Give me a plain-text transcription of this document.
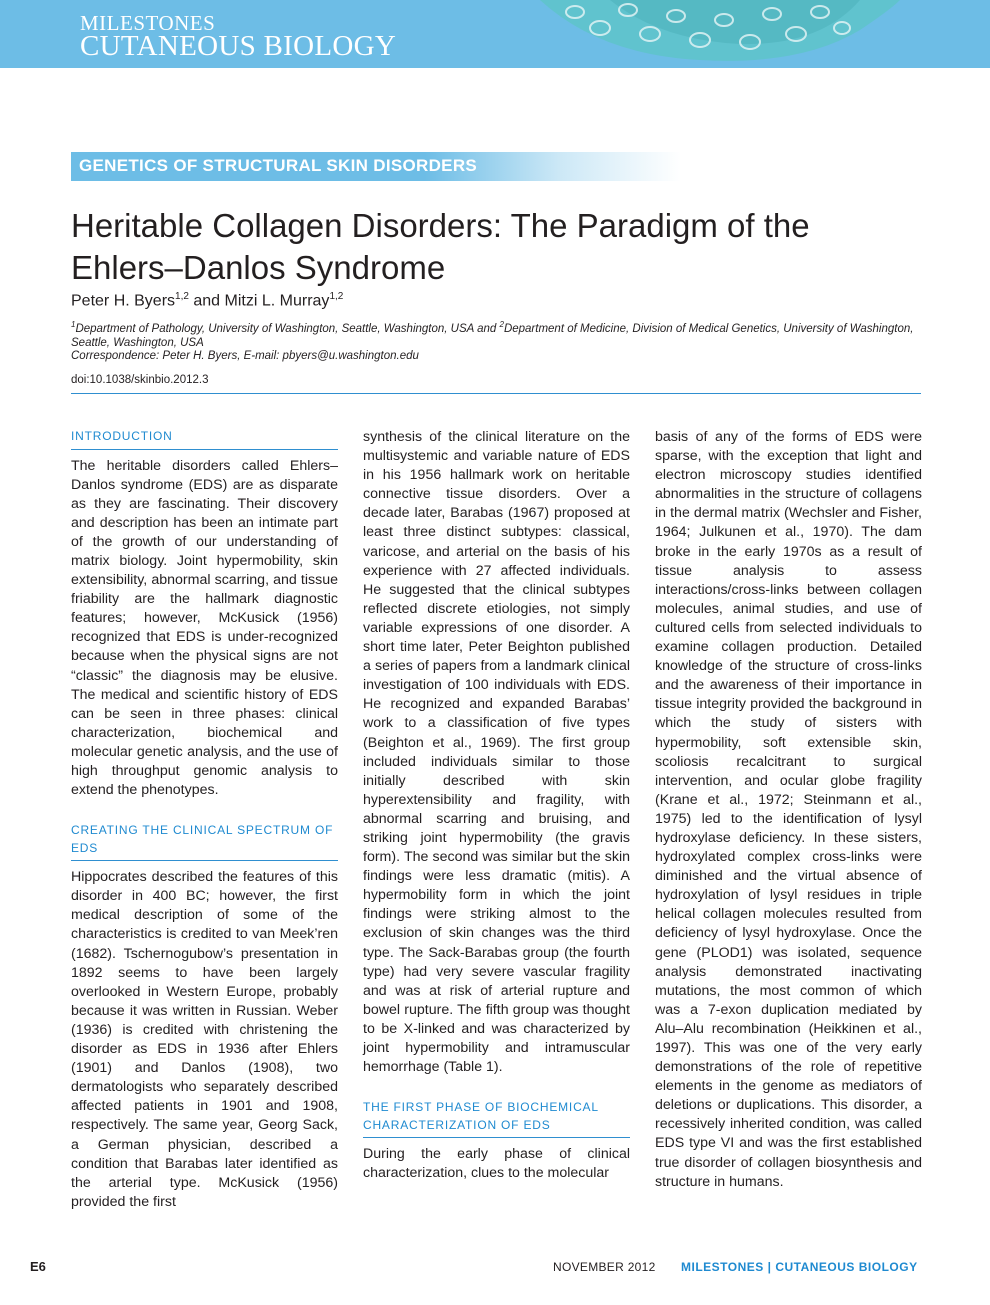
MILESTONES
CUTANEOUS BIOLOGY
GENETICS OF STRUCTURAL SKIN DISORDERS
Heritable Collagen Disorders: The Paradigm of the
Ehlers–Danlos Syndrome
Peter H. Byers$^{1,2}$ and Mitzi L. Murray$^{1,2}$
$^1$Department of Pathology, University of Washington, Seattle, Washington, USA and $^2$Department of Medicine, Division of Medical Genetics, University of Washington, Seattle, Washington, USA
Correspondence: Peter H. Byers, E-mail: pbyers@u.washington.edu
doi:10.1038/skinbio.2012.3
INTRODUCTION

The heritable disorders called Ehlers–Danlos syndrome (EDS) are as disparate as they are fascinating. Their discovery and description has been an intimate part of the growth of our understanding of matrix biology. Joint hypermobility, skin extensibility, abnormal scarring, and tissue friability are the hallmark diagnostic features; however, McKusick (1956) recognized that EDS is under-recognized because when the physical signs are not “classic” the diagnosis may be elusive. The medical and scientific history of EDS can be seen in three phases: clinical characterization, biochemical and molecular genetic analysis, and the use of high throughput genomic analysis to extend the phenotypes.

CREATING THE CLINICAL SPECTRUM OF EDS

Hippocrates described the features of this disorder in 400 BC; however, the first medical description of some of the characteristics is credited to van Meek’ren (1682). Tschernogubow’s presentation in 1892 seems to have been largely overlooked in Western Europe, probably because it was written in Russian. Weber (1936) is credited with christening the disorder as EDS in 1936 after Ehlers (1901) and Danlos (1908), two dermatologists who separately described affected patients in 1901 and 1908, respectively. The same year, Georg Sack, a German physician, described a condition that Barabas later identified as the arterial type. McKusick (1956) provided the first

synthesis of the clinical literature on the multisystemic and variable nature of EDS in his 1956 hallmark work on heritable connective tissue disorders. Over a decade later, Barabas (1967) proposed at least three distinct subtypes: classical, varicose, and arterial on the basis of his experience with 27 affected individuals. He suggested that the clinical subtypes reflected discrete etiologies, not simply variable expressions of one disorder. A short time later, Peter Beighton published a series of papers from a landmark clinical investigation of 100 individuals with EDS. He recognized and expanded Barabas’ work to a classification of five types (Beighton et al., 1969). The first group included individuals similar to those initially described with skin hyperextensibility and fragility, with abnormal scarring and bruising, and striking joint hypermobility (the gravis form). The second was similar but the skin findings were less dramatic (mitis). A hypermobility form in which the joint findings were striking almost to the exclusion of skin changes was the third type. The Sack-Barabas group (the fourth type) had very severe vascular fragility and was at risk of arterial rupture and bowel rupture. The fifth group was thought to be X-linked and was characterized by joint hypermobility and intramuscular hemorrhage (Table 1).

THE FIRST PHASE OF BIOCHEMICAL CHARACTERIZATION OF EDS

During the early phase of clinical characterization, clues to the molecular

basis of any of the forms of EDS were sparse, with the exception that light and electron microscopy studies identified abnormalities in the structure of collagens in the dermal matrix (Wechsler and Fisher, 1964; Julkunen et al., 1970). The dam broke in the early 1970s as a result of tissue analysis to assess interactions/cross-links between collagen molecules, animal studies, and use of cultured cells from selected individuals to examine collagen production. Detailed knowledge of the structure of cross-links and the awareness of their importance in tissue integrity provided the background in which the study of sisters with hypermobility, soft extensible skin, scoliosis recalcitrant to surgical intervention, and ocular globe fragility (Krane et al., 1972; Steinmann et al., 1975) led to the identification of lysyl hydroxylase deficiency. In these sisters, hydroxylated complex cross-links were diminished and the virtual absence of hydroxylation of lysyl residues in triple helical collagen molecules resulted from deficiency of lysyl hydroxylase. Once the gene (PLOD1) was isolated, sequence analysis demonstrated inactivating mutations, the most common of which was a 7-exon duplication mediated by Alu–Alu recombination (Heikkinen et al., 1997). This was one of the very early demonstrations of the role of repetitive elements in the genome as mediators of deletions or duplications. This disorder, a recessively inherited condition, was called EDS type VI and was the first established true disorder of collagen biosynthesis and structure in humans.

E6	NOVEMBER 2012 MILESTONES | CUTANEOUS BIOLOGY
